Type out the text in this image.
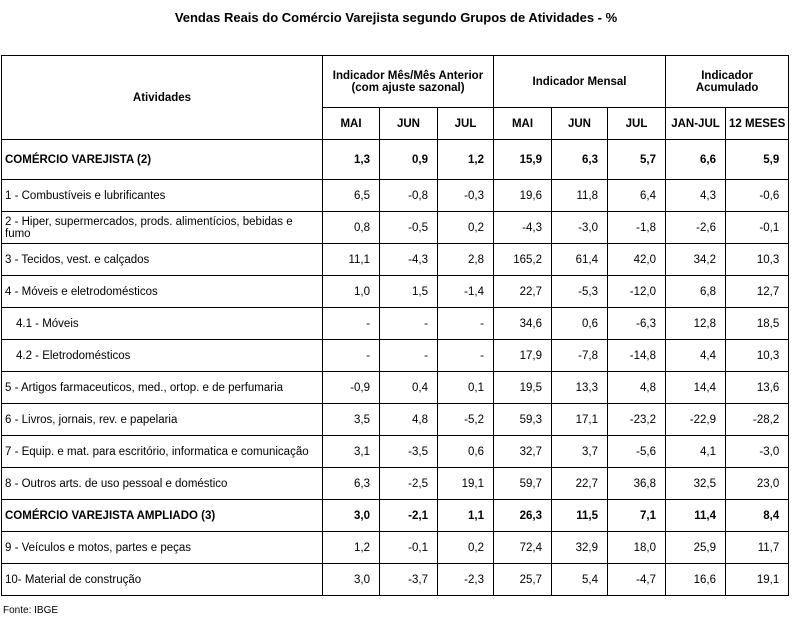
Vendas Reais do Comércio Varejista segundo Grupos de Atividades - %
Atividades	Indicador Mês/Mês Anterior (com ajuste sazonal)			Indicador Mensal			Indicador Acumulado	
	MAI	JUN	JUL	MAI	JUN	JUL	JAN-JUL	12 MESES
COMÉRCIO VAREJISTA (2)	1,3	0,9	1,2	15,9	6,3	5,7	6,6	5,9
1 - Combustíveis e lubrificantes	6,5	-0,8	-0,3	19,6	11,8	6,4	4,3	-0,6
2 - Hiper, supermercados, prods. alimentícios, bebidas e fumo	0,8	-0,5	0,2	-4,3	-3,0	-1,8	-2,6	-0,1
3 - Tecidos, vest. e calçados	11,1	-4,3	2,8	165,2	61,4	42,0	34,2	10,3
4 - Móveis e eletrodomésticos	1,0	1,5	-1,4	22,7	-5,3	-12,0	6,8	12,7
4.1 - Móveis	-	-	-	34,6	0,6	-6,3	12,8	18,5
4.2 - Eletrodomésticos	-	-	-	17,9	-7,8	-14,8	4,4	10,3
5 - Artigos farmaceuticos, med., ortop. e de perfumaria	-0,9	0,4	0,1	19,5	13,3	4,8	14,4	13,6
6 - Livros, jornais, rev. e papelaria	3,5	4,8	-5,2	59,3	17,1	-23,2	-22,9	-28,2
7 - Equip. e mat. para escritório, informatica e comunicação	3,1	-3,5	0,6	32,7	3,7	-5,6	4,1	-3,0
8 - Outros arts. de uso pessoal e doméstico	6,3	-2,5	19,1	59,7	22,7	36,8	32,5	23,0
COMÉRCIO VAREJISTA AMPLIADO (3)	3,0	-2,1	1,1	26,3	11,5	7,1	11,4	8,4
9 - Veículos e motos, partes e peças	1,2	-0,1	0,2	72,4	32,9	18,0	25,9	11,7
10- Material de construção	3,0	-3,7	-2,3	25,7	5,4	-4,7	16,6	19,1
Fonte: IBGE
